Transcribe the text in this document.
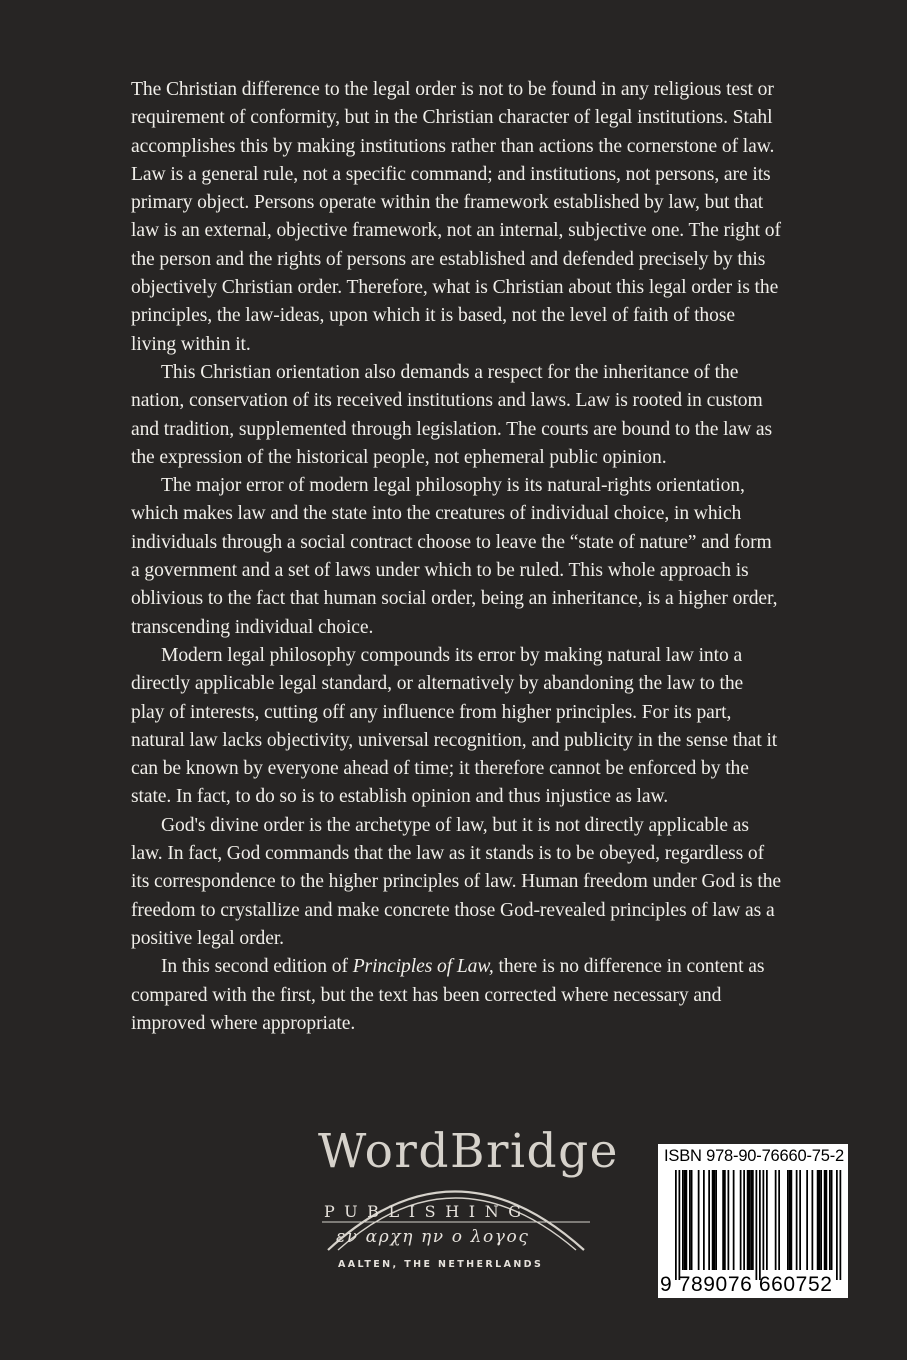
The Christian difference to the legal order is not to be found in any religious test or requirement of conformity, but in the Christian character of legal institutions. Stahl accomplishes this by making institutions rather than actions the cornerstone of law. Law is a general rule, not a specific command; and institutions, not persons, are its primary object. Persons operate within the framework established by law, but that law is an external, objective framework, not an internal, subjective one. The right of the person and the rights of persons are established and defended precisely by this objectively Christian order. Therefore, what is Christian about this legal order is the principles, the law-ideas, upon which it is based, not the level of faith of those living within it.

This Christian orientation also demands a respect for the inheritance of the nation, conservation of its received institutions and laws. Law is rooted in custom and tradition, supplemented through legislation. The courts are bound to the law as the expression of the historical people, not ephemeral public opinion.

The major error of modern legal philosophy is its natural-rights orientation, which makes law and the state into the creatures of individual choice, in which individuals through a social contract choose to leave the “state of nature” and form a government and a set of laws under which to be ruled. This whole approach is oblivious to the fact that human social order, being an inheritance, is a higher order, transcending individual choice.

Modern legal philosophy compounds its error by making natural law into a directly applicable legal standard, or alternatively by abandoning the law to the play of interests, cutting off any influence from higher principles. For its part, natural law lacks objectivity, universal recognition, and publicity in the sense that it can be known by everyone ahead of time; it therefore cannot be enforced by the state. In fact, to do so is to establish opinion and thus injustice as law.

God's divine order is the archetype of law, but it is not directly applicable as law. In fact, God commands that the law as it stands is to be obeyed, regardless of its correspondence to the higher principles of law. Human freedom under God is the freedom to crystallize and make concrete those God-revealed principles of law as a positive legal order.

In this second edition of Principles of Law, there is no difference in content as compared with the first, but the text has been corrected where necessary and improved where appropriate.

WordBridge
PUBLISHING
εν αρχη ην ο λογος
AALTEN, THE NETHERLANDS
ISBN 978-90-76660-75-2
9 789076 660752
